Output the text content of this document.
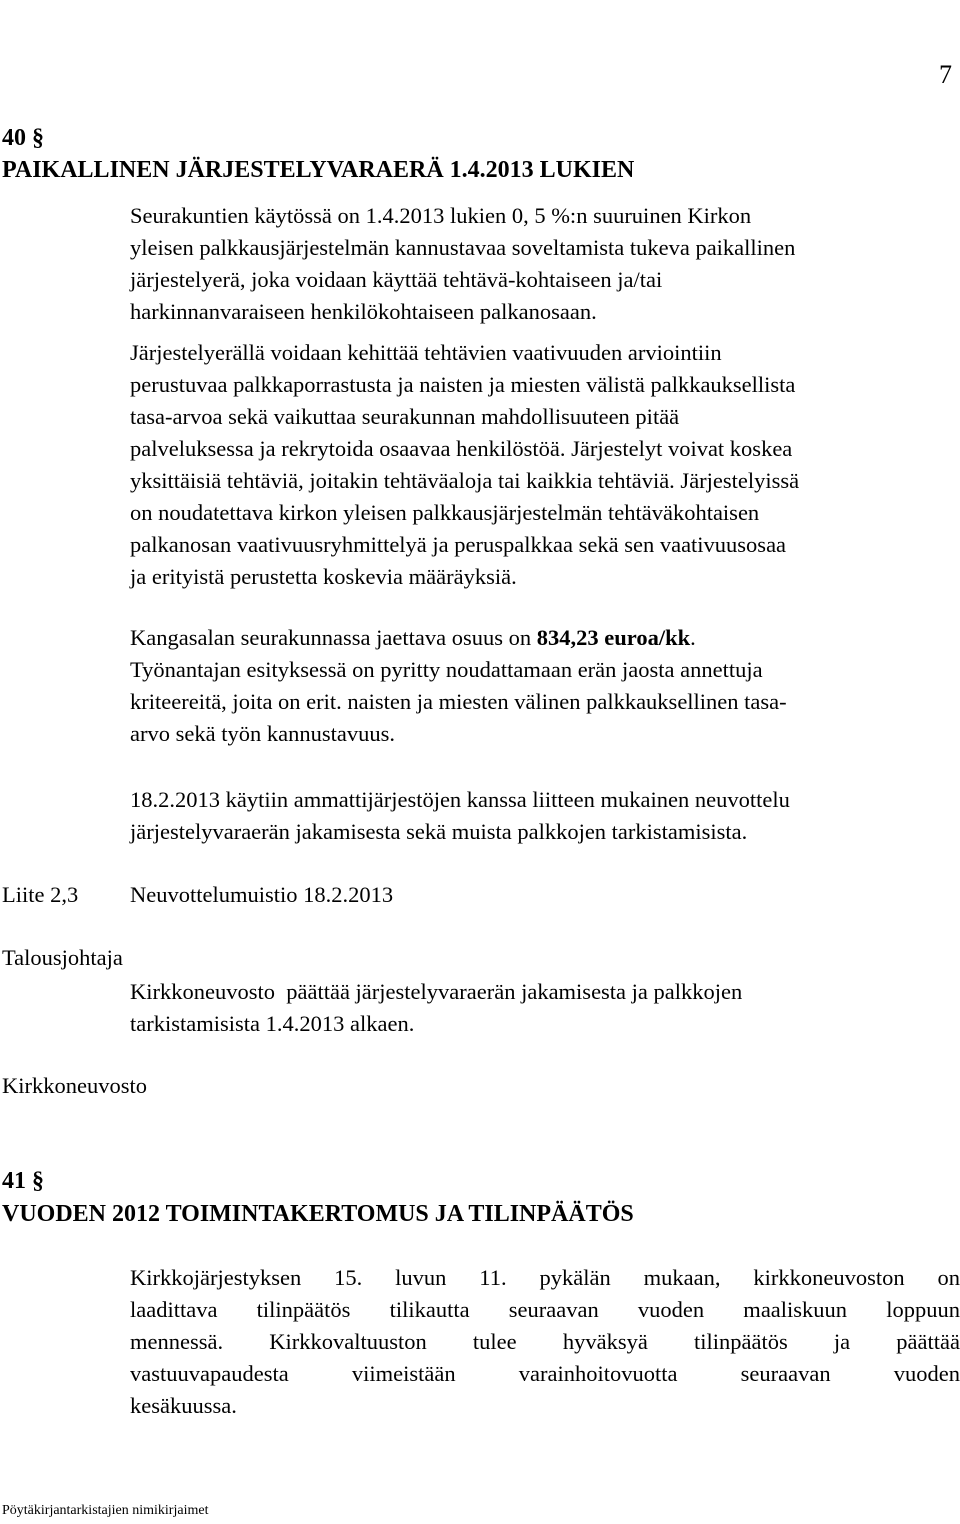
KANGASALAN SEURAKUNTA	ESITYSLISTA 3/2013
KIRKKONEUVOSTO	19.3.2013
7
40 §
PAIKALLINEN JÄRJESTELYVARAERÄ 1.4.2013 LUKIEN

Seurakuntien käytössä on 1.4.2013 lukien 0, 5 %:n suuruinen Kirkon

yleisen palkkausjärjestelmän kannustavaa soveltamista tukeva paikallinen

järjestelyerä, joka voidaan käyttää tehtävä-kohtaiseen ja/tai

harkinnanvaraiseen henkilökohtaiseen palkanosaan.

Järjestelyerällä voidaan kehittää tehtävien vaativuuden arviointiin

perustuvaa palkkaporrastusta ja naisten ja miesten välistä palkkauksellista

tasa-arvoa sekä vaikuttaa seurakunnan mahdollisuuteen pitää

palveluksessa ja rekrytoida osaavaa henkilöstöä. Järjestelyt voivat koskea

yksittäisiä tehtäviä, joitakin tehtäväaloja tai kaikkia tehtäviä. Järjestelyissä

on noudatettava kirkon yleisen palkkausjärjestelmän tehtäväkohtaisen

palkanosan vaativuusryhmittelyä ja peruspalkkaa sekä sen vaativuusosaa

ja erityistä perustetta koskevia määräyksiä.

Kangasalan seurakunnassa jaettava osuus on 834,23 euroa/kk.

Työnantajan esityksessä on pyritty noudattamaan erän jaosta annettuja

kriteereitä, joita on erit. naisten ja miesten välinen palkkauksellinen tasa-

arvo sekä työn kannustavuus.

18.2.2013 käytiin ammattijärjestöjen kanssa liitteen mukainen neuvottelu

järjestelyvaraerän jakamisesta sekä muista palkkojen tarkistamisista.

Liite 2,3 Neuvottelumuistio 18.2.2013
Talousjohtaja

Kirkkoneuvosto  päättää järjestelyvaraerän jakamisesta ja palkkojen

tarkistamisista 1.4.2013 alkaen.

Kirkkoneuvosto
41 §
VUODEN 2012 TOIMINTAKERTOMUS JA TILINPÄÄTÖS

Kirkkojärjestyksen 15. luvun 11. pykälän mukaan, kirkkoneuvoston on

laadittava tilinpäätös tilikautta seuraavan vuoden maaliskuun loppuun

mennessä. Kirkkovaltuuston tulee hyväksyä tilinpäätös ja päättää

vastuuvapaudesta viimeistään varainhoitovuotta seuraavan vuoden

kesäkuussa.

Pöytäkirjantarkistajien nimikirjaimet
